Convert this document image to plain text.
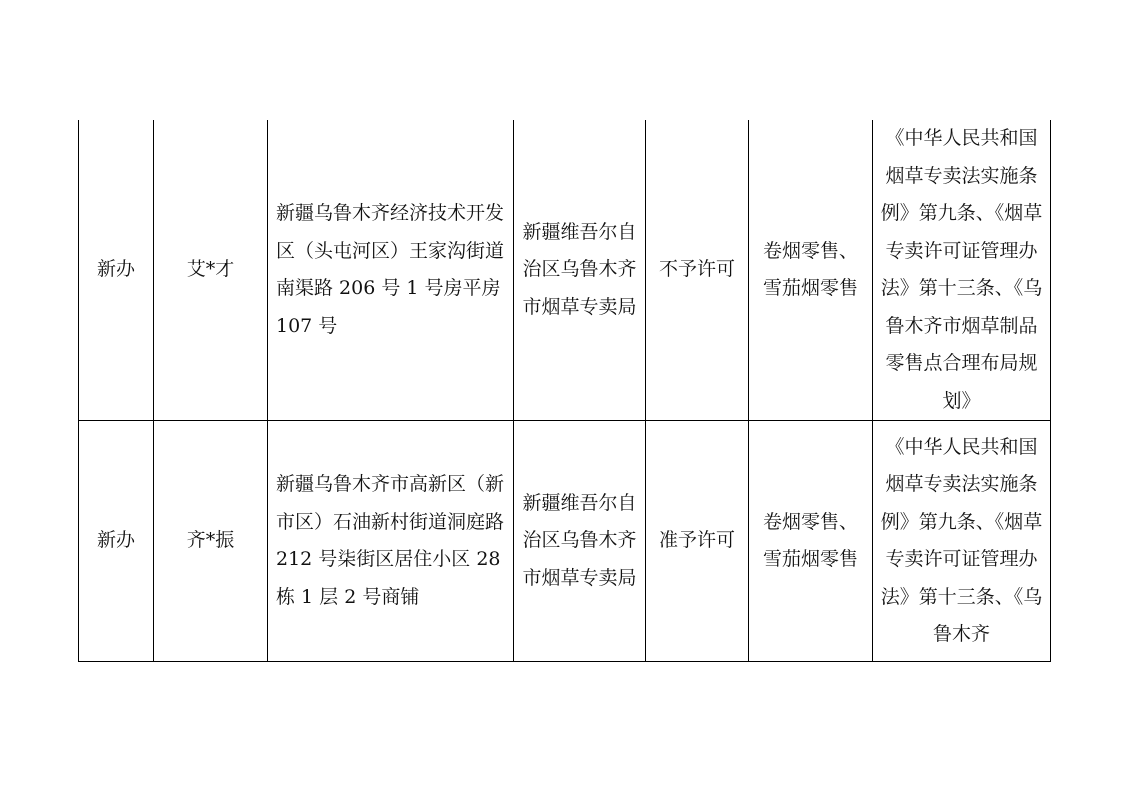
新办	艾*才	新疆乌鲁木齐经济技术开发区（头屯河区）王家沟街道南渠路 206 号 1 号房平房 107 号	新疆维吾尔自治区乌鲁木齐市烟草专卖局	不予许可	卷烟零售、雪茄烟零售	《中华人民共和国烟草专卖法实施条例》第九条、《烟草专卖许可证管理办法》第十三条、《乌鲁木齐市烟草制品零售点合理布局规划》

新办	齐*振	新疆乌鲁木齐市高新区（新市区）石油新村街道洞庭路 212 号柒街区居住小区 28 栋 1 层 2 号商铺	新疆维吾尔自治区乌鲁木齐市烟草专卖局	准予许可	卷烟零售、雪茄烟零售	《中华人民共和国烟草专卖法实施条例》第九条、《烟草专卖许可证管理办法》第十三条、《乌鲁木齐
